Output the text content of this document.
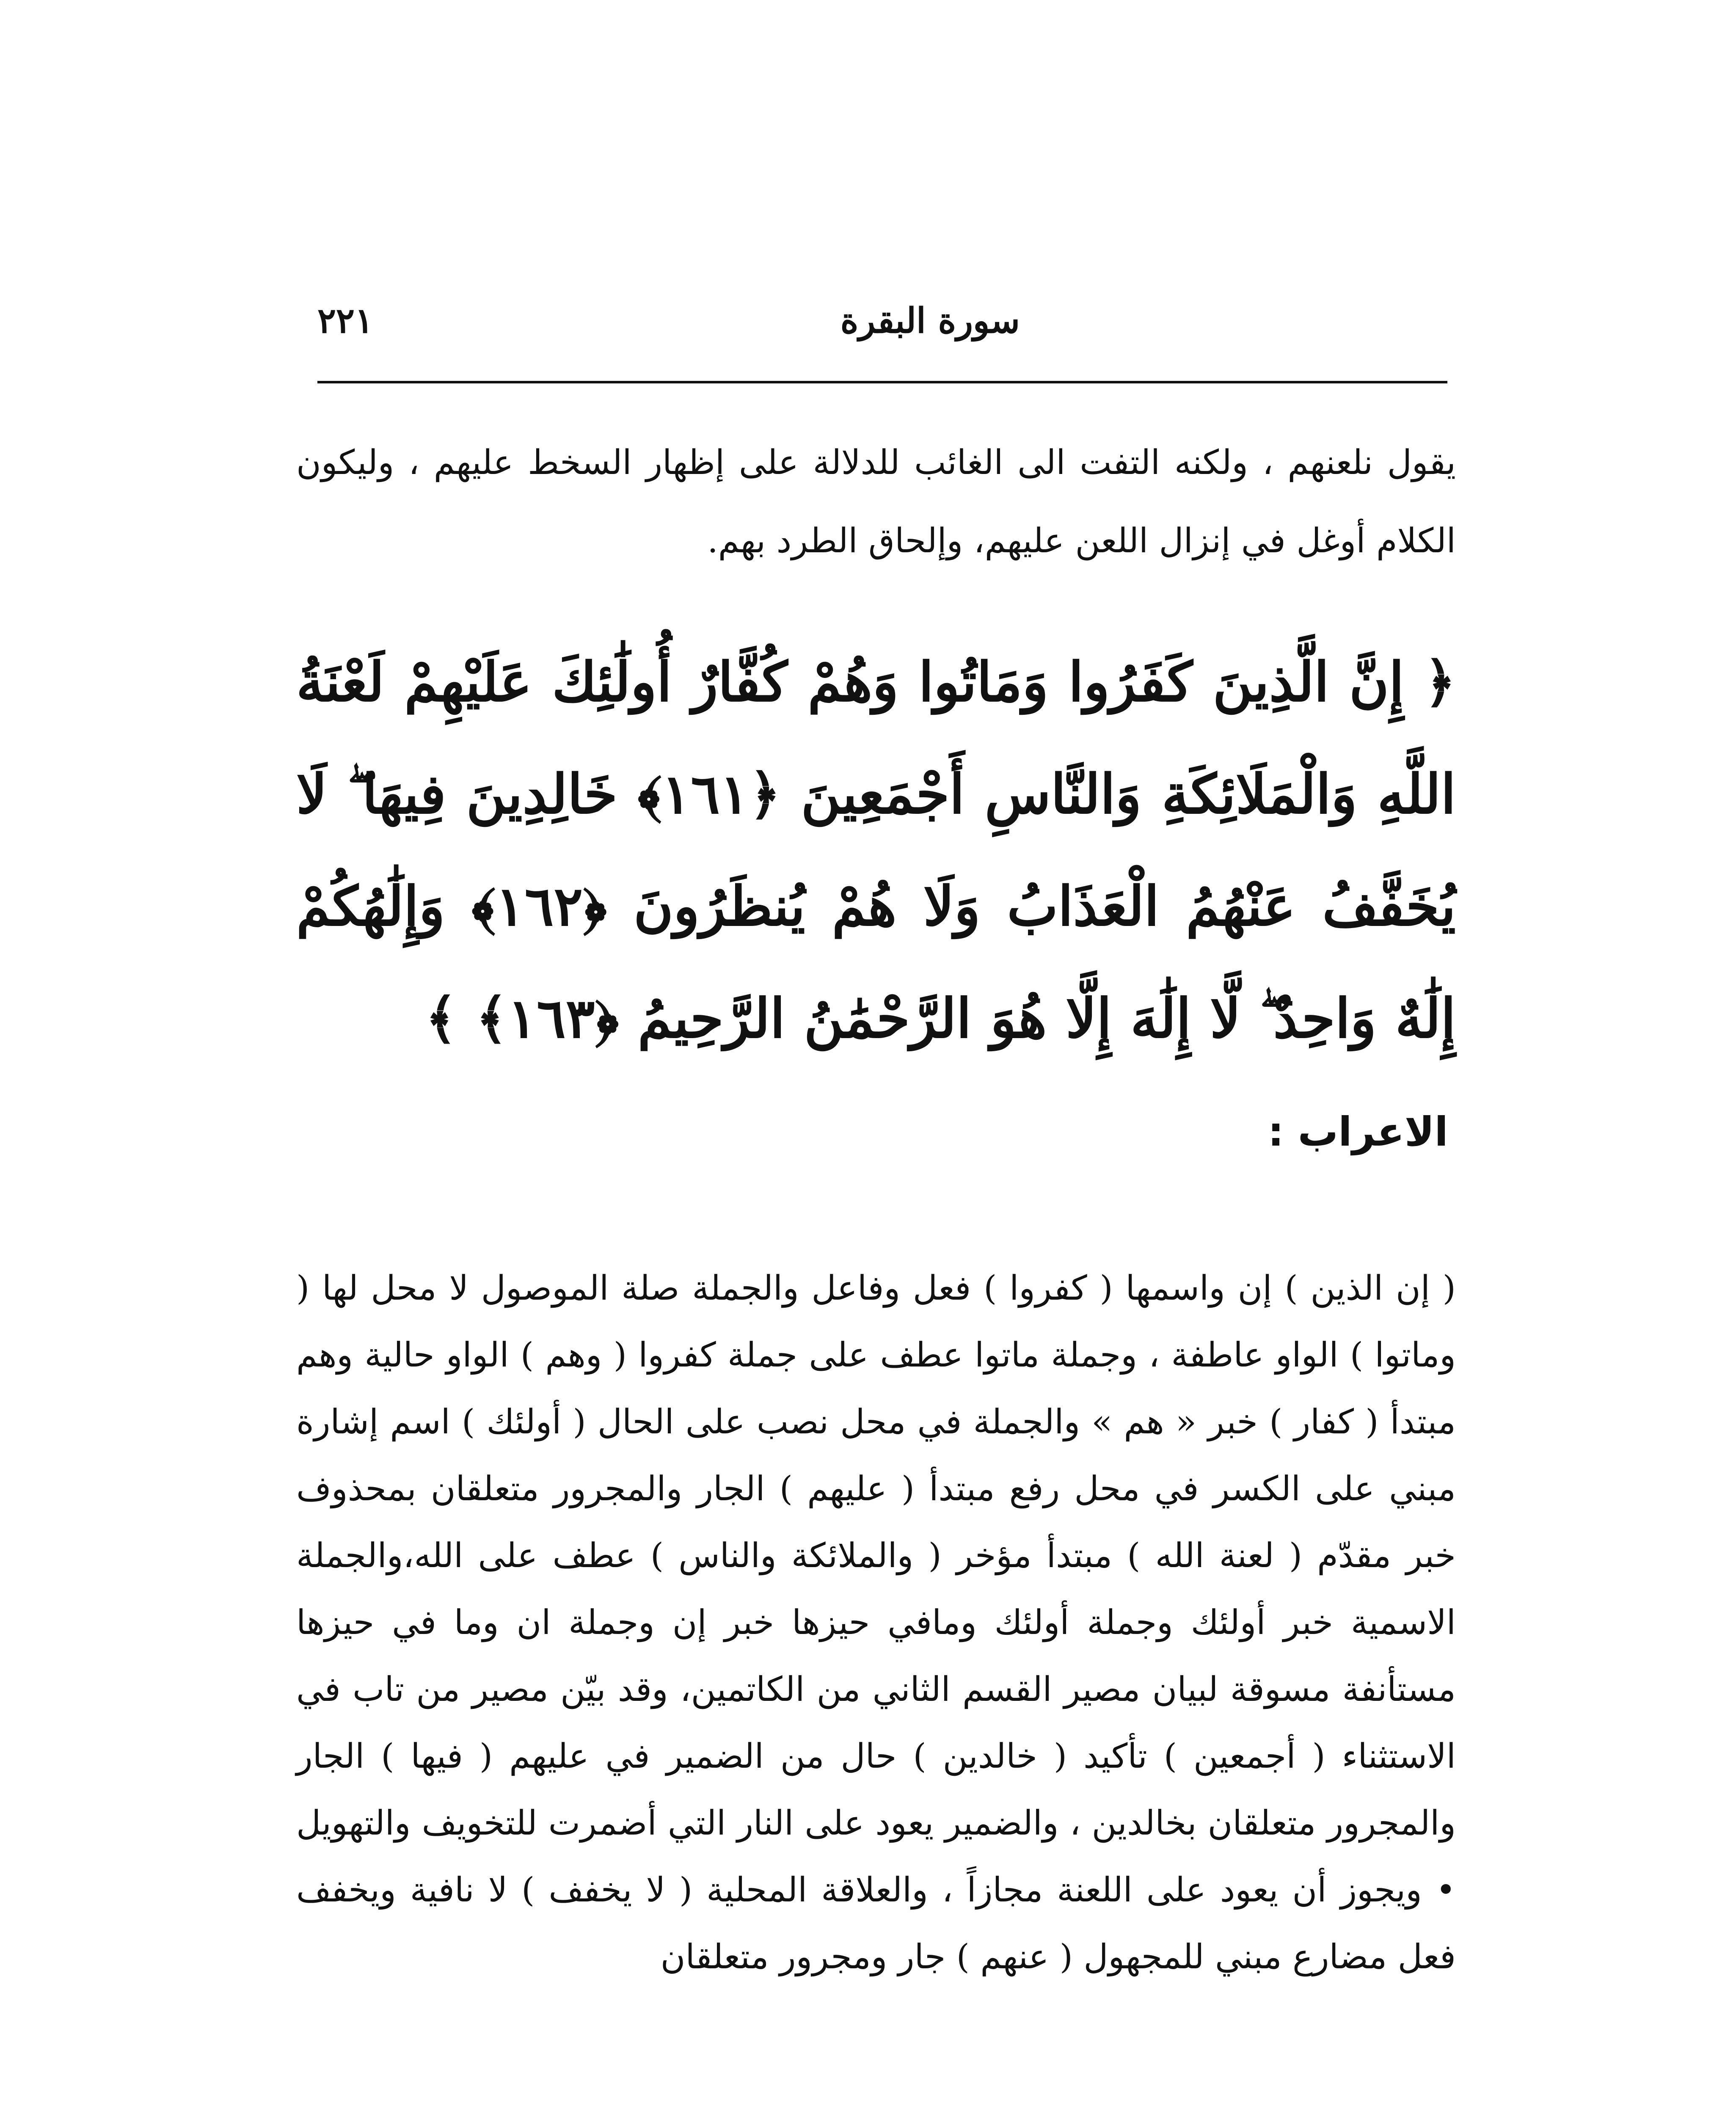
سورة البقرة
٢٢١

يقول نلعنهم ، ولكنه التفت الى الغائب للدلالة على إظهار السخط عليهم ، وليكون الكلام أوغل في إنزال اللعن عليهم، وإلحاق الطرد بهم.

﴿ إِنَّ الَّذِينَ كَفَرُوا وَمَاتُوا وَهُمْ كُفَّارٌ أُولَٰئِكَ عَلَيْهِمْ لَعْنَةُ اللَّهِ وَالْمَلَائِكَةِ وَالنَّاسِ أَجْمَعِينَ ﴿١٦١﴾ خَالِدِينَ فِيهَا ۖ لَا يُخَفَّفُ عَنْهُمُ الْعَذَابُ وَلَا هُمْ يُنظَرُونَ ﴿١٦٢﴾ وَإِلَٰهُكُمْ إِلَٰهٌ وَاحِدٌ ۖ لَّا إِلَٰهَ إِلَّا هُوَ الرَّحْمَٰنُ الرَّحِيمُ ﴿١٦٣﴾ ﴾

الاعراب :

( إن الذين ) إن واسمها ( كفروا ) فعل وفاعل والجملة صلة الموصول لا محل لها ( وماتوا ) الواو عاطفة ، وجملة ماتوا عطف على جملة كفروا ( وهم ) الواو حالية وهم مبتدأ ( كفار ) خبر « هم » والجملة في محل نصب على الحال ( أولئك ) اسم إشارة مبني على الكسر في محل رفع مبتدأ ( عليهم ) الجار والمجرور متعلقان بمحذوف خبر مقدّم ( لعنة الله ) مبتدأ مؤخر ( والملائكة والناس ) عطف على الله،والجملة الاسمية خبر أولئك وجملة أولئك ومافي حيزها خبر إن وجملة ان وما في حيزها مستأنفة مسوقة لبيان مصير القسم الثاني من الكاتمين، وقد بيّن مصير من تاب في الاستثناء ( أجمعين ) تأكيد ( خالدين ) حال من الضمير في عليهم ( فيها ) الجار والمجرور متعلقان بخالدين ، والضمير يعود على النار التي أضمرت للتخويف والتهويل • ويجوز أن يعود على اللعنة مجازاً ، والعلاقة المحلية ( لا يخفف ) لا نافية ويخفف فعل مضارع مبني للمجهول ( عنهم ) جار ومجرور متعلقان
